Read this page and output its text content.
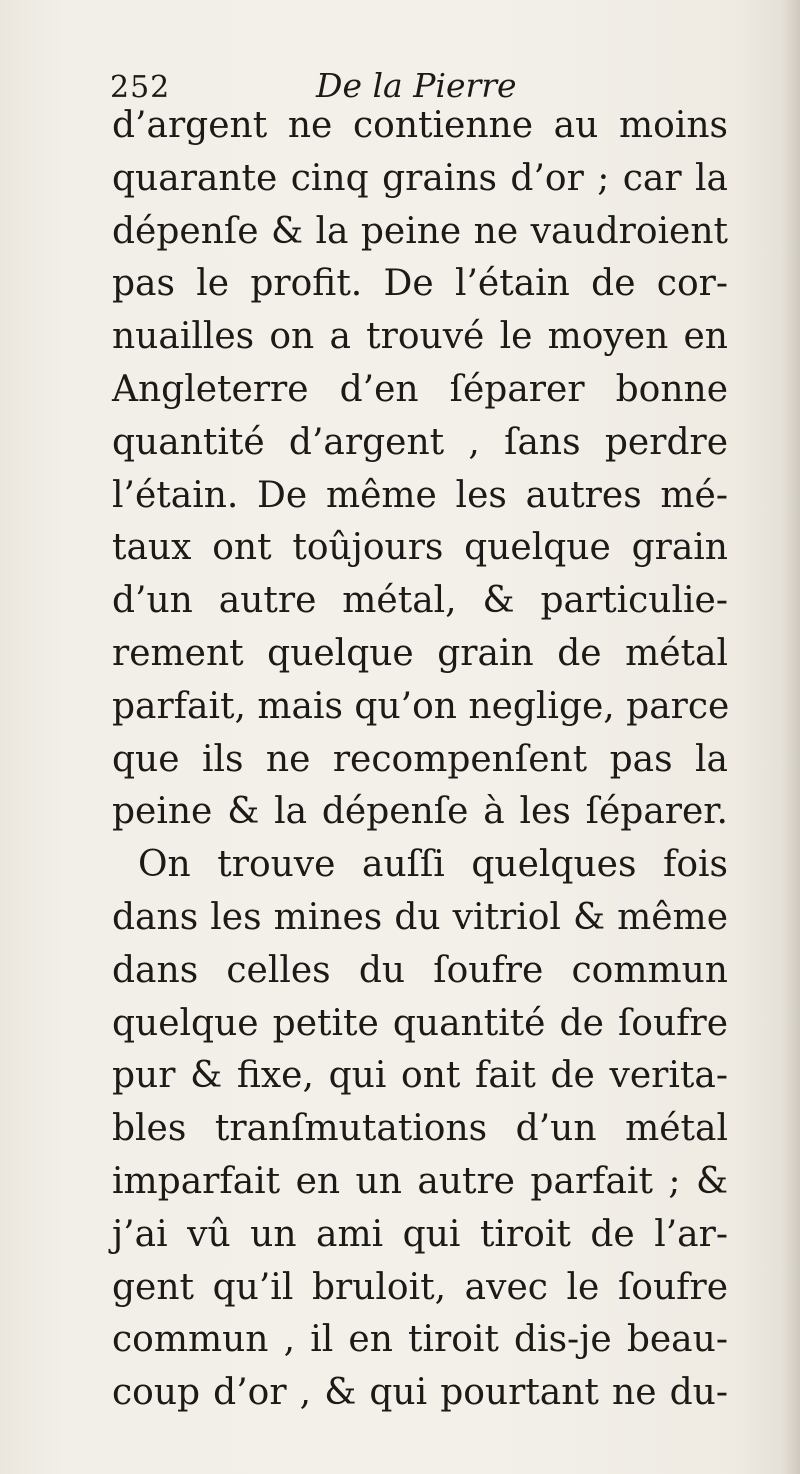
252	De la Pierre
d’argent ne contienne au moins
quarante cinq grains d’or ; car la
dépenſe & la peine ne vaudroient
pas le profit. De l’étain de cor-
nuailles on a trouvé le moyen en
Angleterre d’en ſéparer bonne
quantité d’argent , ſans perdre
l’étain. De même les autres mé-
taux ont toûjours quelque grain
d’un autre métal, & particulie-
rement quelque grain de métal
parfait, mais qu’on neglige, parce
que ils ne recompenſent pas la
peine & la dépenſe à les ſéparer.
On trouve auſſi quelques fois
dans les mines du vitriol & même
dans celles du ſoufre commun
quelque petite quantité de ſoufre
pur & fixe, qui ont fait de verita-
bles tranſmutations d’un métal
imparfait en un autre parfait ; &
j’ai vû un ami qui tiroit de l’ar-
gent qu’il bruloit, avec le ſoufre
commun , il en tiroit dis-je beau-
coup d’or , & qui pourtant ne du-
